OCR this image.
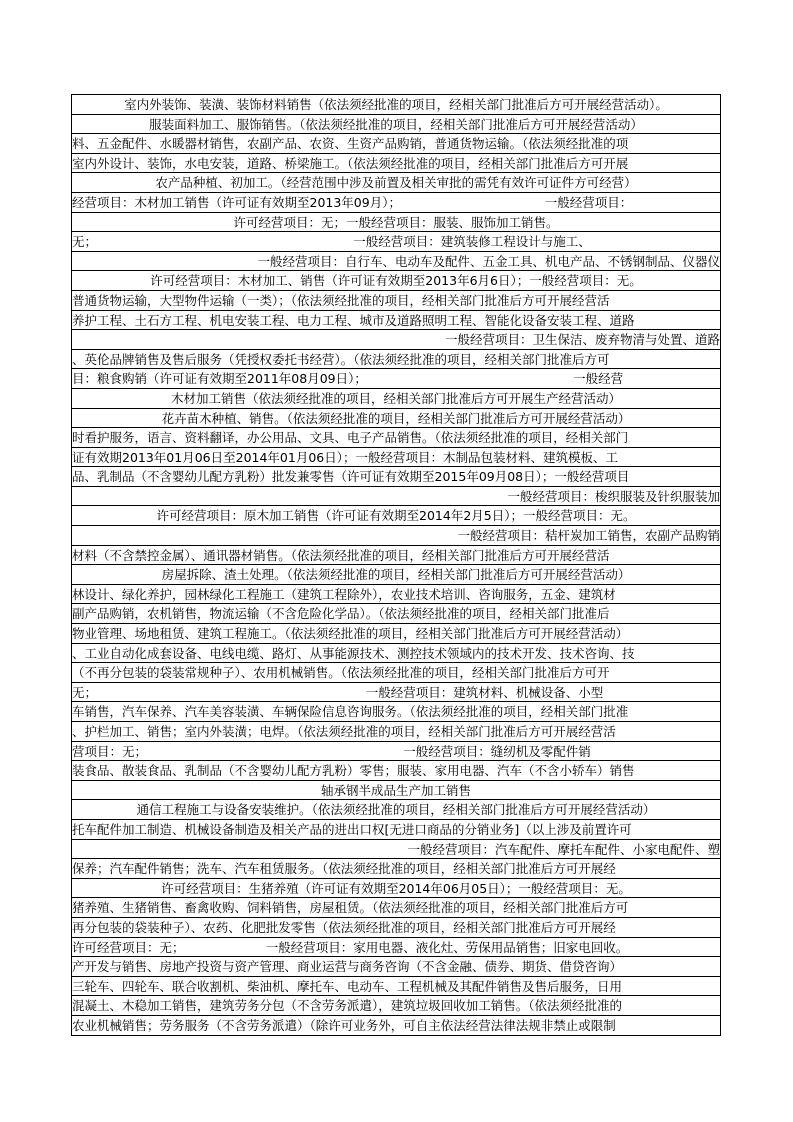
室内外装饰、装潢、装饰材料销售（依法须经批准的项目，经相关部门批准后方可开展经营活动）。
服装面料加工、服饰销售。（依法须经批准的项目，经相关部门批准后方可开展经营活动）
料、五金配件、水暖器材销售，农副产品、农资、生资产品购销，普通货物运输。（依法须经批准的项
室内外设计、装饰，水电安装，道路、桥梁施工。（依法须经批准的项目，经相关部门批准后方可开展
农产品种植、初加工。（经营范围中涉及前置及相关审批的需凭有效许可证件方可经营）
经营项目：木材加工销售（许可证有效期至2013年09月）；　　　　　　　　　　　　一般经营项目：
许可经营项目：无；一般经营项目：服装、服饰加工销售。
无；　　　　　　　　　　　　　　　　　　　　　一般经营项目：建筑装修工程设计与施工、
一般经营项目：自行车、电动车及配件、五金工具、机电产品、不锈钢制品、仪器仪
许可经营项目：木材加工、销售（许可证有效期至2013年6月6日）；一般经营项目：无。
普通货物运输，大型物件运输（一类）；（依法须经批准的项目，经相关部门批准后方可开展经营活
养护工程、土石方工程、机电安装工程、电力工程、城市及道路照明工程、智能化设备安装工程、道路
一般经营项目：卫生保洁、废弃物清与处置、道路
、英伦品牌销售及售后服务（凭授权委托书经营）。（依法须经批准的项目，经相关部门批准后方可
目：粮食购销（许可证有效期至2011年08月09日）；　　　　　　　　　　　　　　　　　一般经营
木材加工销售（依法须经批准的项目，经相关部门批准后方可开展生产经营活动）
花卉苗木种植、销售。（依法须经批准的项目，经相关部门批准后方可开展经营活动）
时看护服务，语言、资料翻译，办公用品、文具、电子产品销售。（依法须经批准的项目，经相关部门
证有效期2013年01月06日至2014年01月06日）；一般经营项目：木制品包装材料、建筑模板、工
品、乳制品（不含婴幼儿配方乳粉）批发兼零售（许可证有效期至2015年09月08日）；一般经营项目
一般经营项目：梭织服装及针织服装加
许可经营项目：原木加工销售（许可证有效期至2014年2月5日）；一般经营项目：无。
一般经营项目：秸杆炭加工销售，农副产品购销
材料（不含禁控金属）、通讯器材销售。（依法须经批准的项目，经相关部门批准后方可开展经营活
房屋拆除、渣土处理。（依法须经批准的项目，经相关部门批准后方可开展经营活动）
林设计、绿化养护，园林绿化工程施工（建筑工程除外），农业技术培训、咨询服务，五金、建筑材
副产品购销，农机销售，物流运输（不含危险化学品）。（依法须经批准的项目，经相关部门批准后
物业管理、场地租赁、建筑工程施工。（依法须经批准的项目，经相关部门批准后方可开展经营活动）
、工业自动化成套设备、电线电缆、路灯、从事能源技术、测控技术领域内的技术开发、技术咨询、技
（不再分包装的袋装常规种子）、农用机械销售。（依法须经批准的项目，经相关部门批准后方可开
无；　　　　　　　　　　　　　　　　　　　　　　一般经营项目：建筑材料、机械设备、小型
车销售，汽车保养、汽车美容装潢、车辆保险信息咨询服务。（依法须经批准的项目，经相关部门批准
、护栏加工、销售；室内外装潢；电焊。（依法须经批准的项目，经相关部门批准后方可开展经营活
营项目：无；　　　　　　　　　　　　　　　　　　　　　一般经营项目：缝纫机及零配件销
装食品、散装食品、乳制品（不含婴幼儿配方乳粉）零售；服装、家用电器、汽车（不含小轿车）销售
轴承钢半成品生产加工销售
通信工程施工与设备安装维护。（依法须经批准的项目，经相关部门批准后方可开展经营活动）
托车配件加工制造、机械设备制造及相关产品的进出口权[无进口商品的分销业务]（以上涉及前置许可
一般经营项目：汽车配件、摩托车配件、小家电配件、塑
保养；汽车配件销售；洗车、汽车租赁服务。（依法须经批准的项目，经相关部门批准后方可开展经
许可经营项目：生猪养殖（许可证有效期至2014年06月05日）；一般经营项目：无。
猪养殖、生猪销售、畜禽收购、饲料销售，房屋租赁。（依法须经批准的项目，经相关部门批准后方可
再分包装的袋装种子）、农药、化肥批发零售（依法须经批准的项目，经相关部门批准后方可开展经
许可经营项目：无；　　　　　　　一般经营项目：家用电器、液化灶、劳保用品销售；旧家电回收。
产开发与销售、房地产投资与资产管理、商业运营与商务咨询（不含金融、债券、期货、借贷咨询）
三轮车、四轮车、联合收割机、柴油机、摩托车、电动车、工程机械及其配件销售及售后服务，日用
混凝土、木稳加工销售，建筑劳务分包（不含劳务派遣），建筑垃圾回收加工销售。（依法须经批准的
农业机械销售；劳务服务（不含劳务派遣）（除许可业务外，可自主依法经营法律法规非禁止或限制
